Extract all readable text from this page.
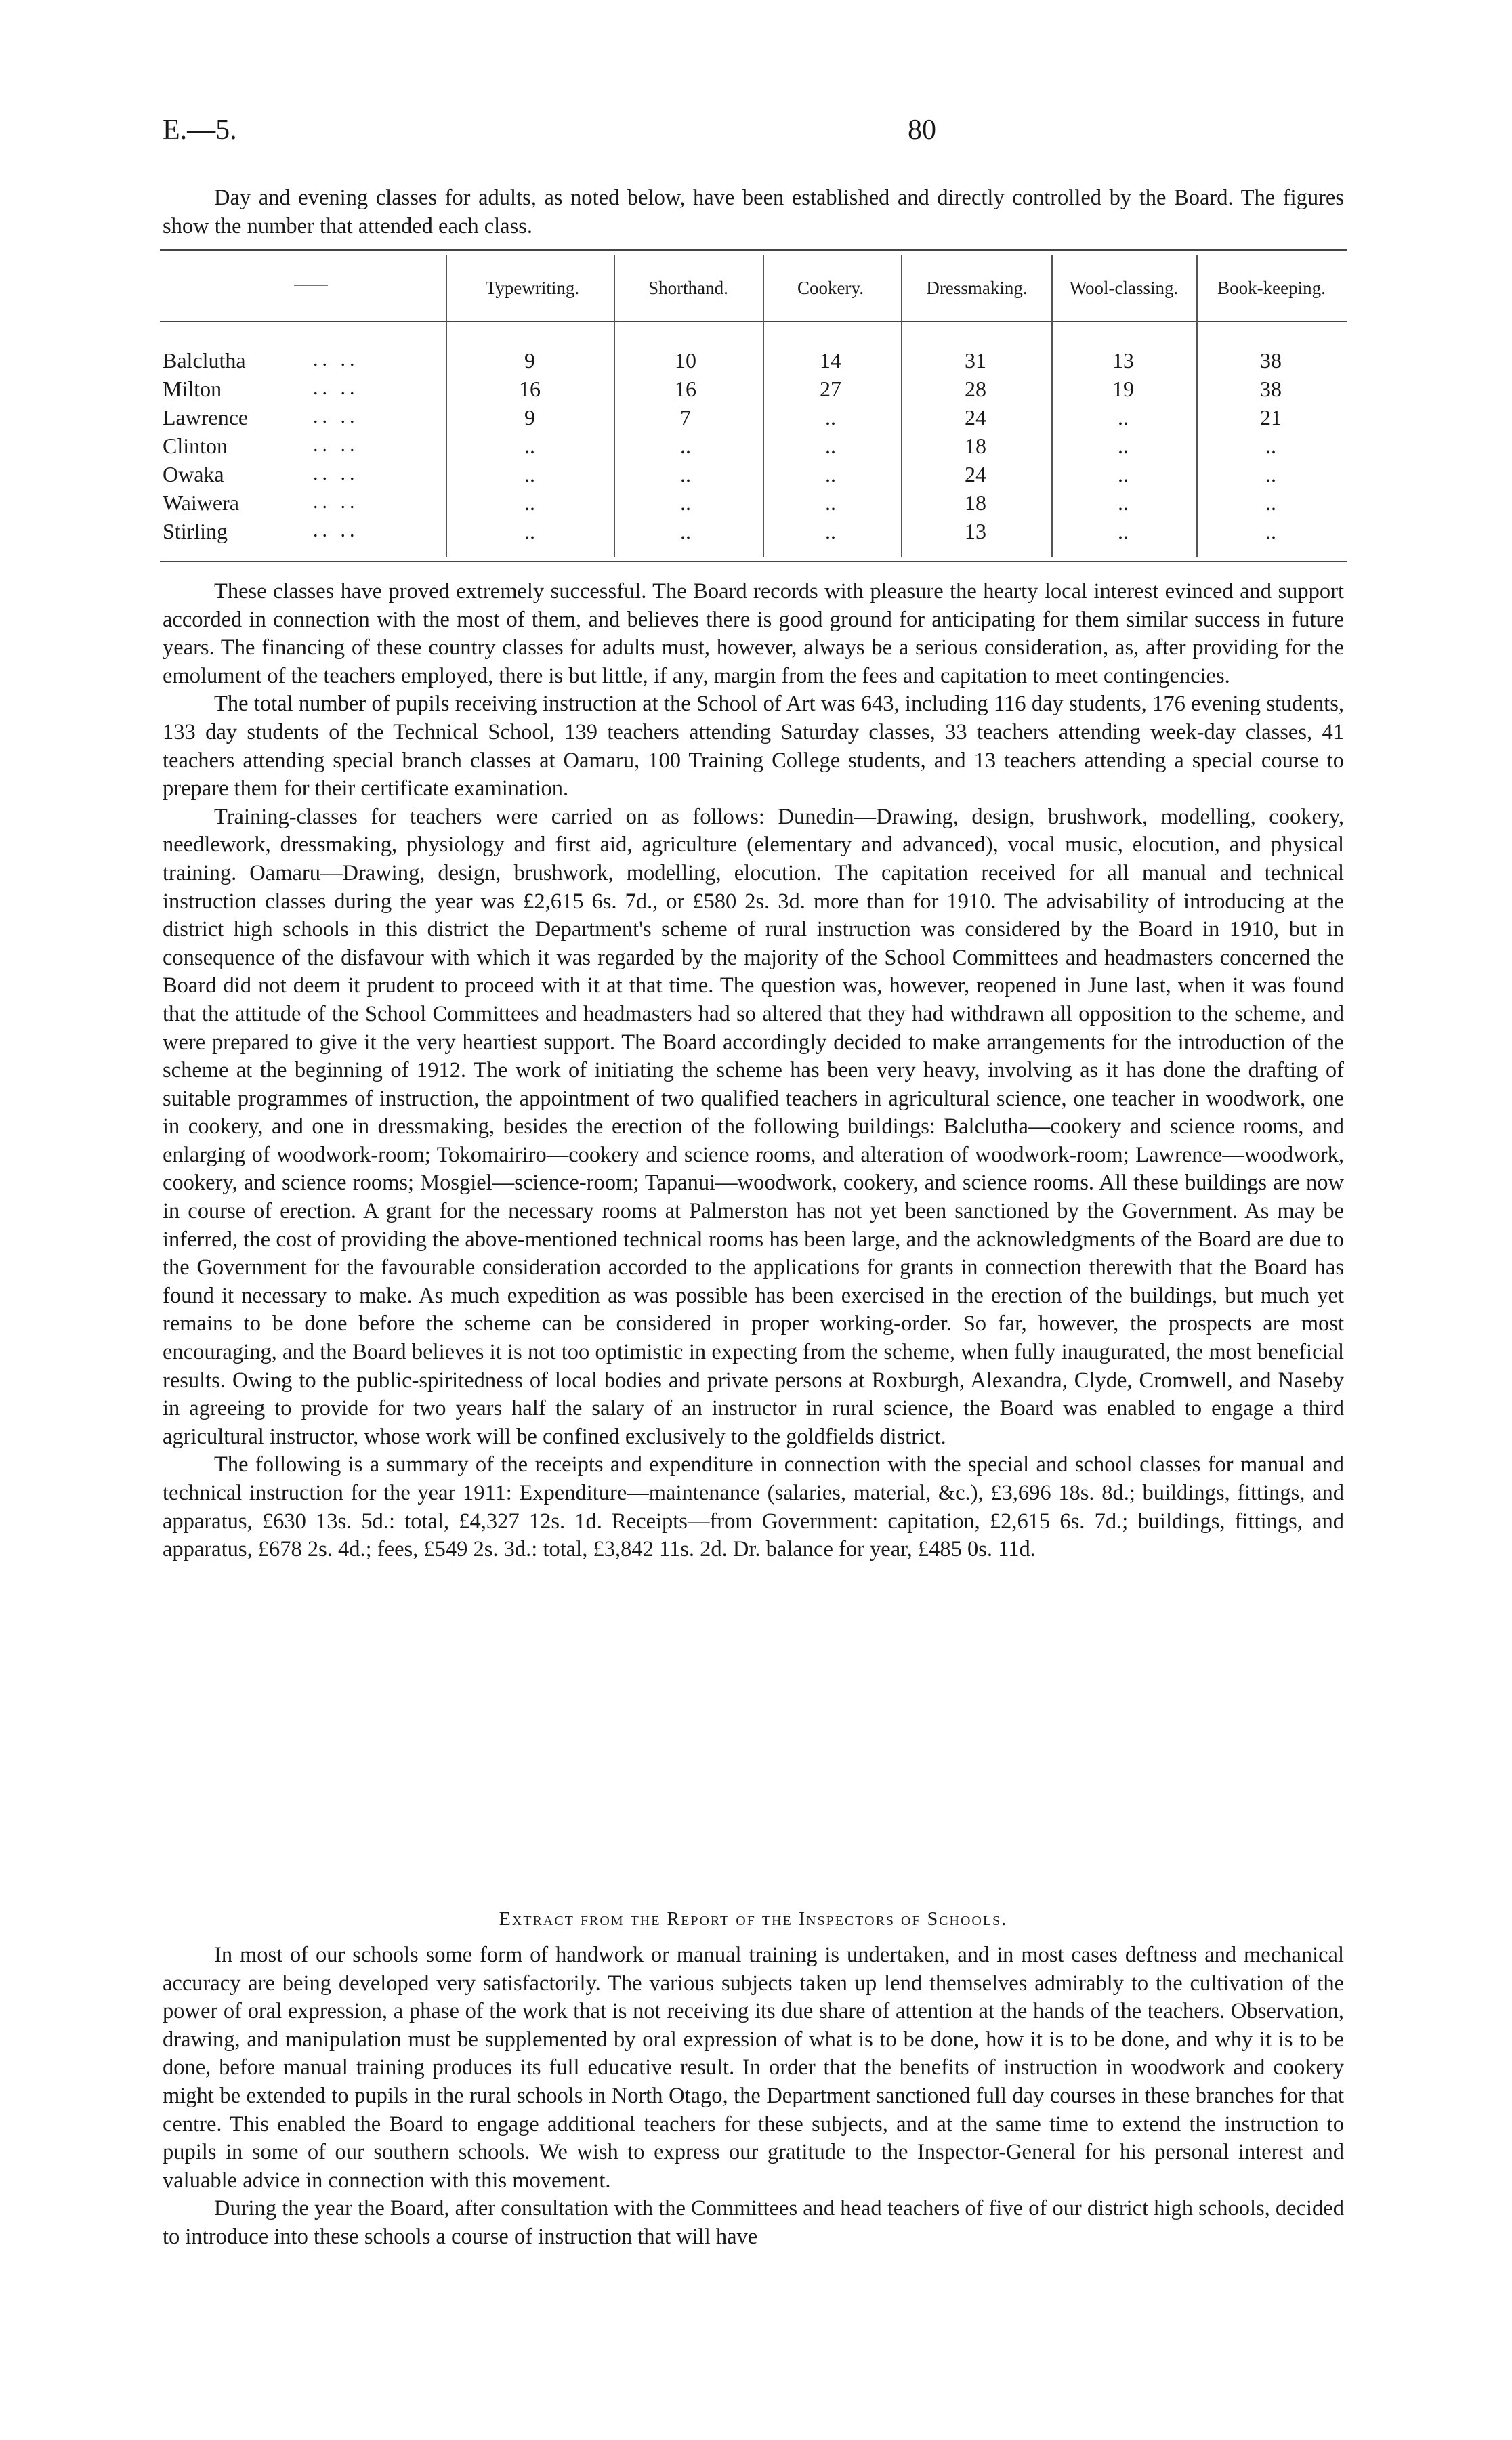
E.—5.	80

Day and evening classes for adults, as noted below, have been established and directly controlled by the Board. The figures show the number that attended each class.

Typewriting.	Shorthand.	Cookery.	Dressmaking.	Wool-classing.	Book-keeping.
Balclutha	.. ..	9	10	14	31	13	38
Milton	.. ..	16	16	27	28	19	38
Lawrence	.. ..	9	7	..	24	..	21
Clinton	.. ..	..	..	..	18	..	..
Owaka	.. ..	..	..	..	24	..	..
Waiwera	.. ..	..	..	..	18	..	..
Stirling	.. ..	..	..	..	13	..	..

These classes have proved extremely successful. The Board records with pleasure the hearty local interest evinced and support accorded in connection with the most of them, and believes there is good ground for anticipating for them similar success in future years. The financing of these country classes for adults must, however, always be a serious consideration, as, after providing for the emolument of the teachers employed, there is but little, if any, margin from the fees and capitation to meet contingencies.

The total number of pupils receiving instruction at the School of Art was 643, including 116 day students, 176 evening students, 133 day students of the Technical School, 139 teachers attending Saturday classes, 33 teachers attending week-day classes, 41 teachers attending special branch classes at Oamaru, 100 Training College students, and 13 teachers attending a special course to prepare them for their certificate examination.

Training-classes for teachers were carried on as follows: Dunedin—Drawing, design, brushwork, modelling, cookery, needlework, dressmaking, physiology and first aid, agriculture (elementary and advanced), vocal music, elocution, and physical training. Oamaru—Drawing, design, brushwork, modelling, elocution. The capitation received for all manual and technical instruction classes during the year was £2,615 6s. 7d., or £580 2s. 3d. more than for 1910. The advisability of introducing at the district high schools in this district the Department's scheme of rural instruction was considered by the Board in 1910, but in consequence of the disfavour with which it was regarded by the majority of the School Committees and headmasters concerned the Board did not deem it prudent to proceed with it at that time. The question was, however, reopened in June last, when it was found that the attitude of the School Committees and headmasters had so altered that they had withdrawn all opposition to the scheme, and were prepared to give it the very heartiest support. The Board accordingly decided to make arrangements for the introduction of the scheme at the beginning of 1912. The work of initiating the scheme has been very heavy, involving as it has done the drafting of suitable programmes of instruction, the appointment of two qualified teachers in agricultural science, one teacher in woodwork, one in cookery, and one in dressmaking, besides the erection of the following buildings: Balclutha—cookery and science rooms, and enlarging of woodwork-room; Tokomairiro—cookery and science rooms, and alteration of woodwork-room; Lawrence—woodwork, cookery, and science rooms; Mosgiel—science-room; Tapanui—woodwork, cookery, and science rooms. All these buildings are now in course of erection. A grant for the necessary rooms at Palmerston has not yet been sanctioned by the Government. As may be inferred, the cost of providing the above-mentioned technical rooms has been large, and the acknowledgments of the Board are due to the Government for the favourable consideration accorded to the applications for grants in connection therewith that the Board has found it necessary to make. As much expedition as was possible has been exercised in the erection of the buildings, but much yet remains to be done before the scheme can be considered in proper working-order. So far, however, the prospects are most encouraging, and the Board believes it is not too optimistic in expecting from the scheme, when fully inaugurated, the most beneficial results. Owing to the public-spiritedness of local bodies and private persons at Roxburgh, Alexandra, Clyde, Cromwell, and Naseby in agreeing to provide for two years half the salary of an instructor in rural science, the Board was enabled to engage a third agricultural instructor, whose work will be confined exclusively to the goldfields district.

The following is a summary of the receipts and expenditure in connection with the special and school classes for manual and technical instruction for the year 1911: Expenditure—maintenance (salaries, material, &c.), £3,696 18s. 8d.; buildings, fittings, and apparatus, £630 13s. 5d.: total, £4,327 12s. 1d. Receipts—from Government: capitation, £2,615 6s. 7d.; buildings, fittings, and apparatus, £678 2s. 4d.; fees, £549 2s. 3d.: total, £3,842 11s. 2d. Dr. balance for year, £485 0s. 11d.

Extract from the Report of the Inspectors of Schools.

In most of our schools some form of handwork or manual training is undertaken, and in most cases deftness and mechanical accuracy are being developed very satisfactorily. The various subjects taken up lend themselves admirably to the cultivation of the power of oral expression, a phase of the work that is not receiving its due share of attention at the hands of the teachers. Observation, drawing, and manipulation must be supplemented by oral expression of what is to be done, how it is to be done, and why it is to be done, before manual training produces its full educative result. In order that the benefits of instruction in woodwork and cookery might be extended to pupils in the rural schools in North Otago, the Department sanctioned full day courses in these branches for that centre. This enabled the Board to engage additional teachers for these subjects, and at the same time to extend the instruction to pupils in some of our southern schools. We wish to express our gratitude to the Inspector-General for his personal interest and valuable advice in connection with this movement.

During the year the Board, after consultation with the Committees and head teachers of five of our district high schools, decided to introduce into these schools a course of instruction that will have
